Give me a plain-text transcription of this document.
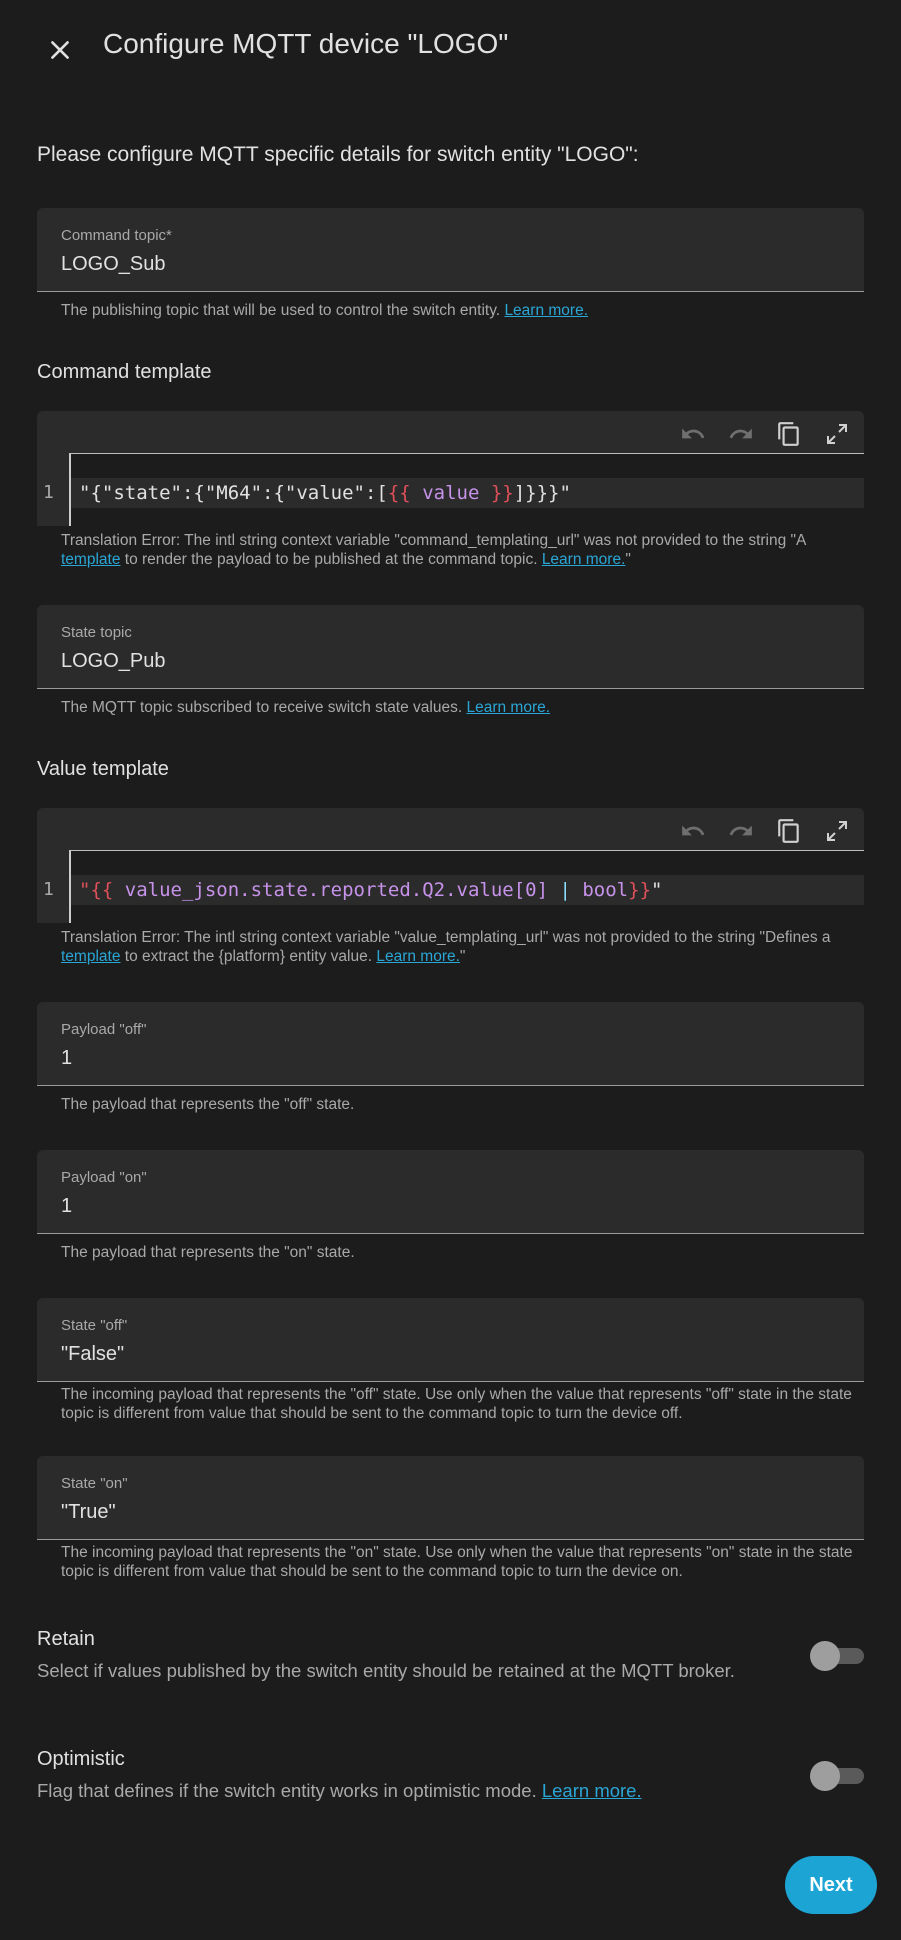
Configure MQTT device "LOGO"
Please configure MQTT specific details for switch entity "LOGO":
Command topic*
LOGO_Sub
The publishing topic that will be used to control the switch entity. Learn more.
Command template
1 "{"state":{"M64":{"value":[{{ value }}]}}}"
Translation Error: The intl string context variable "command_templating_url" was not provided to the string "A template to render the payload to be published at the command topic. Learn more."
State topic
LOGO_Pub
The MQTT topic subscribed to receive switch state values. Learn more.
Value template
1 "{{ value_json.state.reported.Q2.value[0] | bool}}"
Translation Error: The intl string context variable "value_templating_url" was not provided to the string "Defines a template to extract the {platform} entity value. Learn more."
Payload "off"
1
The payload that represents the "off" state.
Payload "on"
1
The payload that represents the "on" state.
State "off"
"False"
The incoming payload that represents the "off" state. Use only when the value that represents "off" state in the state topic is different from value that should be sent to the command topic to turn the device off.
State "on"
"True"
The incoming payload that represents the "on" state. Use only when the value that represents "on" state in the state topic is different from value that should be sent to the command topic to turn the device on.
Retain
Select if values published by the switch entity should be retained at the MQTT broker.
Optimistic
Flag that defines if the switch entity works in optimistic mode. Learn more.
Next
